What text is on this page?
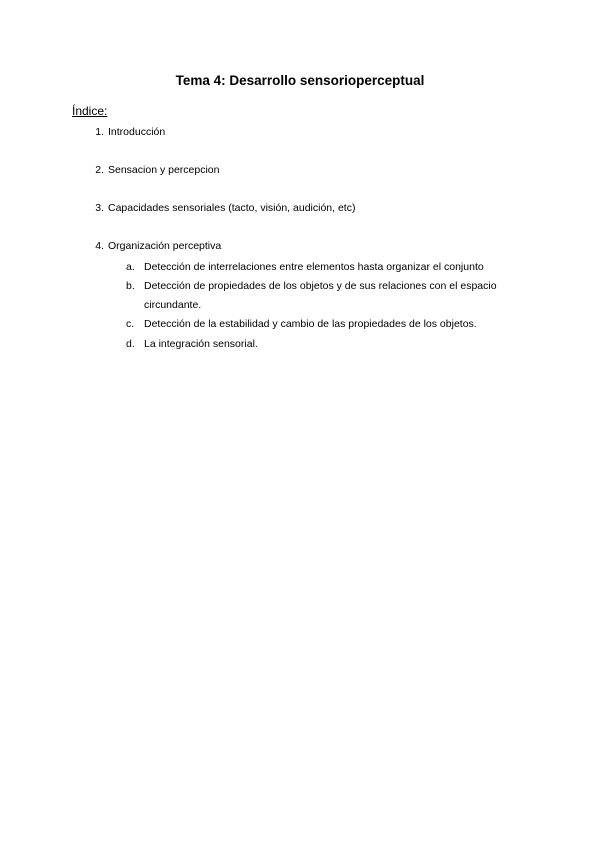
Tema 4: Desarrollo sensorioperceptual
Índice:
1. Introducción
2. Sensacion y percepcion
3. Capacidades sensoriales (tacto, visión, audición, etc)
4. Organización perceptiva
a. Detección de interrelaciones entre elementos hasta organizar el conjunto
b. Detección de propiedades de los objetos y de sus relaciones con el espacio circundante.
c. Detección de la estabilidad y cambio de las propiedades de los objetos.
d. La integración sensorial.
